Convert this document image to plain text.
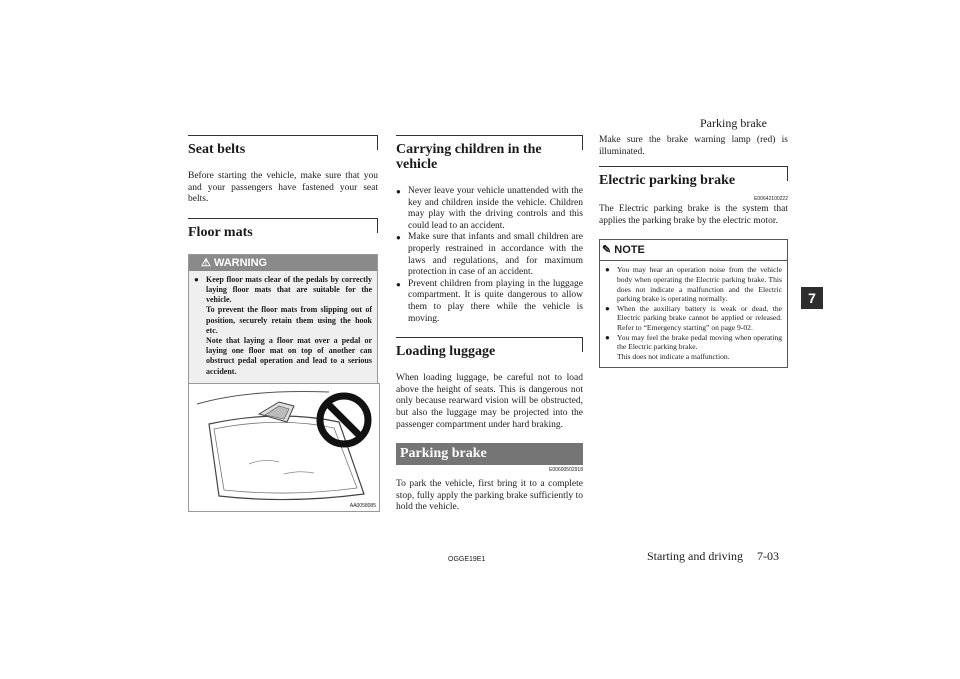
Parking brake
7
Seat belts

Before starting the vehicle, make sure that you and your passengers have fastened your seat belts.

Floor mats
⚠ WARNING
● Keep floor mats clear of the pedals by correctly laying floor mats that are suitable for the vehicle.
To prevent the floor mats from slipping out of position, securely retain them using the hook etc.
Note that laying a floor mat over a pedal or laying one floor mat on top of another can obstruct pedal operation and lead to a serious accident.
AA0058085
Carrying children in the vehicle
● Never leave your vehicle unattended with the key and children inside the vehicle. Children may play with the driving controls and this could lead to an accident.
● Make sure that infants and small children are properly restrained in accordance with the laws and regulations, and for maximum protection in case of an accident.
● Prevent children from playing in the luggage compartment. It is quite dangerous to allow them to play there while the vehicle is moving.
Loading luggage

When loading luggage, be careful not to load above the height of seats. This is dangerous not only because rearward vision will be obstructed, but also the luggage may be projected into the passenger compartment under hard braking.

Parking brake
E00600502918

To park the vehicle, first bring it to a complete stop, fully apply the parking brake sufficiently to hold the vehicle.

Make sure the brake warning lamp (red) is illuminated.

Electric parking brake
E00642100222

The Electric parking brake is the system that applies the parking brake by the electric motor.

✎ NOTE
● You may hear an operation noise from the vehicle body when operating the Electric parking brake. This does not indicate a malfunction and the Electric parking brake is operating normally.
● When the auxiliary battery is weak or dead, the Electric parking brake cannot be applied or released. Refer to “Emergency starting” on page 9-02.
● You may feel the brake pedal moving when operating the Electric parking brake.
This does not indicate a malfunction.
OGGE19E1	Starting and driving 7-03
